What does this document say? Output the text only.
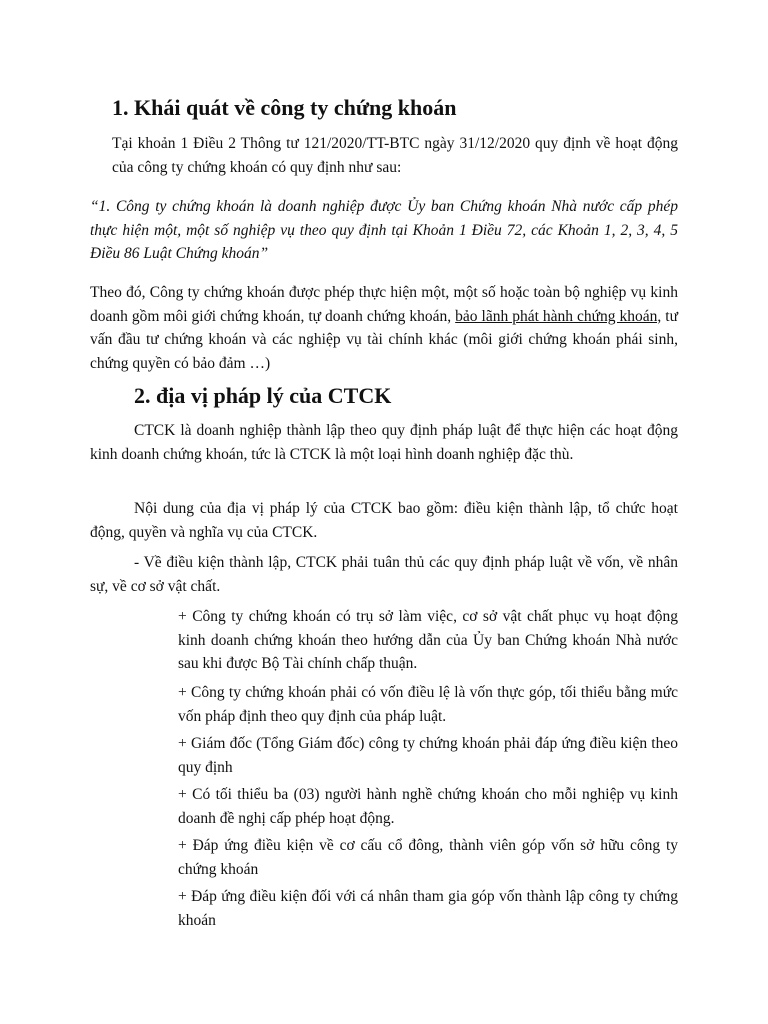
1. Khái quát về công ty chứng khoán

Tại khoản 1 Điều 2 Thông tư 121/2020/TT-BTC ngày 31/12/2020 quy định về hoạt động của công ty chứng khoán có quy định như sau:

“1. Công ty chứng khoán là doanh nghiệp được Ủy ban Chứng khoán Nhà nước cấp phép thực hiện một, một số nghiệp vụ theo quy định tại Khoản 1 Điều 72, các Khoản 1, 2, 3, 4, 5 Điều 86 Luật Chứng khoán”

Theo đó, Công ty chứng khoán được phép thực hiện một, một số hoặc toàn bộ nghiệp vụ kinh doanh gồm môi giới chứng khoán, tự doanh chứng khoán, bảo lãnh phát hành chứng khoán, tư vấn đầu tư chứng khoán và các nghiệp vụ tài chính khác (môi giới chứng khoán phái sinh, chứng quyền có bảo đảm …)

2. địa vị pháp lý của CTCK

CTCK là doanh nghiệp thành lập theo quy định pháp luật để thực hiện các hoạt động kinh doanh chứng khoán, tức là CTCK là một loại hình doanh nghiệp đặc thù.

Nội dung của địa vị pháp lý của CTCK bao gồm: điều kiện thành lập, tổ chức hoạt động, quyền và nghĩa vụ của CTCK.

- Về điều kiện thành lập, CTCK phải tuân thủ các quy định pháp luật về vốn, về nhân sự, về cơ sở vật chất.

+ Công ty chứng khoán có trụ sở làm việc, cơ sở vật chất phục vụ hoạt động kinh doanh chứng khoán theo hướng dẫn của Ủy ban Chứng khoán Nhà nước sau khi được Bộ Tài chính chấp thuận.

+ Công ty chứng khoán phải có vốn điều lệ là vốn thực góp, tối thiểu bằng mức vốn pháp định theo quy định của pháp luật.

+ Giám đốc (Tổng Giám đốc) công ty chứng khoán phải đáp ứng điều kiện theo quy định

+ Có tối thiểu ba (03) người hành nghề chứng khoán cho mỗi nghiệp vụ kinh doanh đề nghị cấp phép hoạt động.

+ Đáp ứng điều kiện về cơ cấu cổ đông, thành viên góp vốn sở hữu công ty chứng khoán

+ Đáp ứng điều kiện đối với cá nhân tham gia góp vốn thành lập công ty chứng khoán
